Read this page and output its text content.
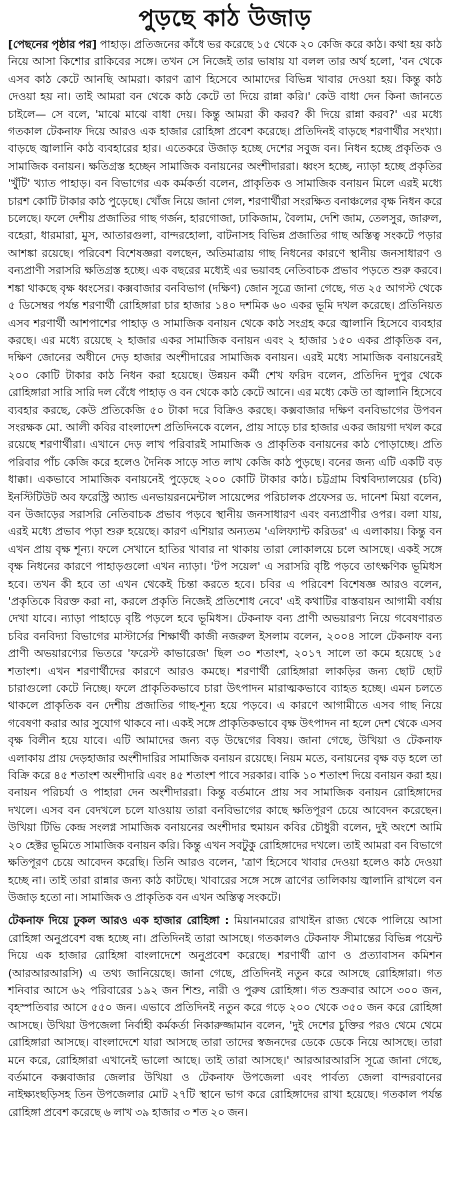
পুড়ছে কাঠ উজাড়

[পেছনের পৃষ্ঠার পর] পাহাড়। প্রতিজনের কাঁধে ভর করেছে ১৫ থেকে ২০ কেজি করে কাঠ। কথা হয় কাঠ নিয়ে আসা কিশোর রাকিবের সঙ্গে। তখন সে নিজেই তার ভাষায় যা বলল তার অর্থ হলো, 'বন থেকে এসব কাঠ কেটে আনছি আমরা। কারণ ত্রাণ হিসেবে আমাদের বিভিন্ন খাবার দেওয়া হয়। কিন্তু কাঠ দেওয়া হয় না। তাই আমরা বন থেকে কাঠ কেটে তা দিয়ে রান্না করি।' কেউ বাধা দেন কিনা জানতে চাইলে— সে বলে, 'মাঝে মাঝে বাধা দেয়। কিন্তু আমরা কী করব? কী দিয়ে রান্না করব?' এর মধ্যে গতকাল টেকনাফ দিয়ে আরও এক হাজার রোহিঙ্গা প্রবেশ করেছে। প্রতিদিনই বাড়ছে শরণার্থীর সংখ্যা। বাড়ছে জ্বালানি কাঠ ব্যবহারের হার। এতেকরে উজাড় হচ্ছে দেশের সবুজ বন। নিধন হচ্ছে প্রকৃতিক ও সামাজিক বনায়ন। ক্ষতিগ্রস্ত হচ্ছেন সামাজিক বনায়নের অংশীদাররা। ধ্বংস হচ্ছে, ন্যাড়া হচ্ছে প্রকৃতির 'খুঁটি' খ্যাত পাহাড়। বন বিভাগের এক কর্মকর্তা বলেন, প্রাকৃতিক ও সামাজিক বনায়ন মিলে এরই মধ্যে চারশ কোটি টাকার কাঠ পুড়েছে। খোঁজ নিয়ে জানা গেল, শরণার্থীরা সংরক্ষিত বনাঞ্চলের বৃক্ষ নিধন করে চলেছে। ফলে দেশীয় প্রজাতির গাছ গর্জন, হারগোজা, ঢাকিজাম, বৈলাম, দেশি জাম, তেলসুর, জারুল, বহেরা, ধারমারা, মুস, আতারগুলা, বান্দরহোলা, বাটনাসহ বিভিন্ন প্রজাতির গাছ অস্তিত্ব সংকটে পড়ার আশঙ্কা রয়েছে। পরিবেশ বিশেষজ্ঞরা বলছেন, অতিমাত্রায় গাছ নিধনের কারণে স্থানীয় জনসাধারণ ও বন্যপ্রাণী সরাসরি ক্ষতিগ্রস্ত হচ্ছে। এক বছরের মধ্যেই এর ভয়াবহ নেতিবাচক প্রভাব পড়তে শুরু করবে। শঙ্কা থাকছে বৃক্ষ ধ্বংসের। কক্সবাজার বনবিভাগ (দক্ষিণ) জোন সূত্রে জানা গেছে, গত ২৫ আগস্ট থেকে ৫ ডিসেম্বর পর্যন্ত শরণার্থী রোহিঙ্গারা চার হাজার ১৪০ দশমিক ৬০ একর ভূমি দখল করেছে। প্রতিনিয়ত এসব শরণার্থী আশপাশের পাহাড় ও সামাজিক বনায়ন থেকে কাঠ সংগ্রহ করে জ্বালানি হিসেবে ব্যবহার করছে। এর মধ্যে রয়েছে ২ হাজার একর সামাজিক বনায়ন এবং ২ হাজার ১৫০ একর প্রাকৃতিক বন, দক্ষিণ জোনের অধীনে দেড় হাজার অংশীদারের সামাজিক বনায়ন। এরই মধ্যে সামাজিক বনায়নেরই ২০০ কোটি টাকার কাঠ নিধন করা হয়েছে। উন্নয়ন কর্মী শেখ ফরিদ বলেন, প্রতিদিন দুপুর থেকে রোহিঙ্গারা সারি সারি দল বেঁধে পাহাড় ও বন থেকে কাঠ কেটে আনে। এর মধ্যে কেউ তা জ্বালানি হিসেবে ব্যবহার করছে, কেউ প্রতিকেজি ৫০ টাকা দরে বিক্রিও করছে। কক্সবাজার দক্ষিণ বনবিভাগের উপবন সংরক্ষক মো. আলী কবির বাংলাদেশ প্রতিদিনকে বলেন, প্রায় সাড়ে চার হাজার একর জায়গা দখল করে রয়েছে শরণার্থীরা। এখানে দেড় লাখ পরিবারই সামাজিক ও প্রাকৃতিক বনায়নের কাঠ পোড়াচ্ছে। প্রতি পরিবার পাঁচ কেজি করে হলেও দৈনিক সাড়ে সাত লাখ কেজি কাঠ পুড়ছে। বনের জন্য এটি একটি বড় ধাক্কা। একভাবে সামাজিক বনায়নেই পুড়েছে ২০০ কোটি টাকার কাঠ। চট্টগ্রাম বিশ্ববিদ্যালয়ের (চবি) ইনস্টিটিউট অব ফরেস্ট্রি অ্যান্ড এনভায়রনমেন্টাল সায়েন্সের পরিচালক প্রফেসর ড. দানেশ মিয়া বলেন, বন উজাড়ের সরাসরি নেতিবাচক প্রভাব পড়বে স্থানীয় জনসাধারণ এবং বন্যপ্রাণীর ওপর। বলা যায়, এরই মধ্যে প্রভাব পড়া শুরু হয়েছে। কারণ এশিয়ার অন্যতম 'এলিফ্যান্ট করিডর' এ এলাকায়। কিন্তু বন এখন প্রায় বৃক্ষ শূন্য। ফলে সেখানে হাতির খাবার না থাকায় তারা লোকালয়ে চলে আসছে। একই সঙ্গে বৃক্ষ নিধনের কারণে পাহাড়গুলো এখন ন্যাড়া। 'টপ সয়েল' এ সরাসরি বৃষ্টি পড়বে তাৎক্ষণিক ভূমিধস হবে। তখন কী হবে তা এখন থেকেই চিন্তা করতে হবে। চবির এ পরিবেশ বিশেষজ্ঞ আরও বলেন, 'প্রকৃতিকে বিরক্ত করা না, করলে প্রকৃতি নিজেই প্রতিশোধ নেবে' এই কথাটির বাস্তবায়ন আগামী বর্ষায় দেখা যাবে। ন্যাড়া পাহাড়ে বৃষ্টি পড়লে হবে ভূমিধস। টেকনাফ বন্য প্রাণী অভয়ারণ্য নিয়ে গবেষণারত চবির বনবিদ্যা বিভাগের মাস্টার্সের শিক্ষার্থী কাজী নজরুল ইসলাম বলেন, ২০০৪ সালে টেকনাফ বন্য প্রাণী অভয়ারণ্যের ভিতরে 'ফরেস্ট কাভারেজ' ছিল ৩০ শতাংশ, ২০১৭ সালে তা কমে হয়েছে ১৫ শতাংশ। এখন শরণার্থীদের কারণে আরও কমছে। শরণার্থী রোহিঙ্গারা লাকড়ির জন্য ছোট ছোট চারাগুলো কেটে নিচ্ছে। ফলে প্রাকৃতিকভাবে চারা উৎপাদন মারাত্মকভাবে ব্যাহত হচ্ছে। এমন চলতে থাকলে প্রাকৃতিক বন দেশীয় প্রজাতির গাছ-শূন্য হয়ে পড়বে। এ কারণে আগামীতে এসব গাছ নিয়ে গবেষণা করার আর সুযোগ থাকবে না। একই সঙ্গে প্রাকৃতিকভাবে বৃক্ষ উৎপাদন না হলে দেশ থেকে এসব বৃক্ষ বিলীন হয়ে যাবে। এটি আমাদের জন্য বড় উদ্বেগের বিষয়। জানা গেছে, উখিয়া ও টেকনাফ এলাকায় প্রায় দেড়হাজার অংশীদারির সামাজিক বনায়ন রয়েছে। নিয়ম মতে, বনায়নের বৃক্ষ বড় হলে তা বিক্রি করে ৪৫ শতাংশ অংশীদারি এবং ৪৫ শতাংশ পাবে সরকার। বাকি ১০ শতাংশ দিয়ে বনায়ন করা হয়। বনায়ন পরিচর্যা ও পাহারা দেন অংশীদাররা। কিন্তু বর্তমানে প্রায় সব সামাজিক বনায়ন রোহিঙ্গাদের দখলে। এসব বন বেদখলে চলে যাওয়ায় তারা বনবিভাগের কাছে ক্ষতিপূরণ চেয়ে আবেদন করেছেন। উখিয়া টিভি কেন্দ্র সংলগ্ন সামাজিক বনায়নের অংশীদার হুমায়ন কবির চৌধুরী বলেন, দুই অংশে আমি ২০ হেক্টর ভূমিতে সামাজিক বনায়ন করি। কিন্তু এখন সবটুকু রোহিঙ্গাদের দখলে। তাই আমরা বন বিভাগে ক্ষতিপূরণ চেয়ে আবেদন করেছি। তিনি আরও বলেন, 'ত্রাণ হিসেবে খাবার দেওয়া হলেও কাঠ দেওয়া হচ্ছে না। তাই তারা রান্নার জন্য কাঠ কাটছে। খাবারের সঙ্গে সঙ্গে ত্রাণের তালিকায় জ্বালানি রাখলে বন উজাড় হতো না। সামাজিক ও প্রাকৃতিক বন এখন অস্তিত্ব সংকটে।

টেকনাফ দিয়ে ঢুকল আরও এক হাজার রোহিঙ্গা : মিয়ানমারের রাখাইন রাজ্য থেকে পালিয়ে আসা রোহিঙ্গা অনুপ্রবেশ বন্ধ হচ্ছে না। প্রতিদিনই তারা আসছে। গতকালও টেকনাফ সীমান্তের বিভিন্ন পয়েন্ট দিয়ে এক হাজার রোহিঙ্গা বাংলাদেশে অনুপ্রবেশ করেছে। শরণার্থী ত্রাণ ও প্রত্যাবাসন কমিশন (আরআরআরসি) এ তথ্য জানিয়েছে। জানা গেছে, প্রতিদিনই নতুন করে আসছে রোহিঙ্গারা। গত শনিবার আসে ৬২ পরিবারের ১৯২ জন শিশু, নারী ও পুরুষ রোহিঙ্গা। গত শুক্রবার আসে ৩০০ জন, বৃহস্পতিবার আসে ৫৫০ জন। এভাবে প্রতিদিনই নতুন করে গড়ে ২০০ থেকে ৩৫০ জন করে রোহিঙ্গা আসছে। উখিয়া উপজেলা নির্বাহী কর্মকর্তা নিকারুজ্জামান বলেন, 'দুই দেশের চুক্তির পরও থেমে থেমে রোহিঙ্গারা আসছে। বাংলাদেশে যারা আসছে তারা তাদের স্বজনদের ডেকে ডেকে নিয়ে আসছে। তারা মনে করে, রোহিঙ্গারা এখানেই ভালো আছে। তাই তারা আসছে।' আরআরআরসি সূত্রে জানা গেছে, বর্তমানে কক্সবাজার জেলার উখিয়া ও টেকনাফ উপজেলা এবং পার্বত্য জেলা বান্দরবানের নাইক্ষ্যংছড়িসহ তিন উপজেলার মোট ২৭টি স্থানে ভাগ করে রোহিঙ্গাদের রাখা হয়েছে। গতকাল পর্যন্ত রোহিঙ্গা প্রবেশ করেছে ৬ লাখ ৩৯ হাজার ৩ শত ২০ জন।
